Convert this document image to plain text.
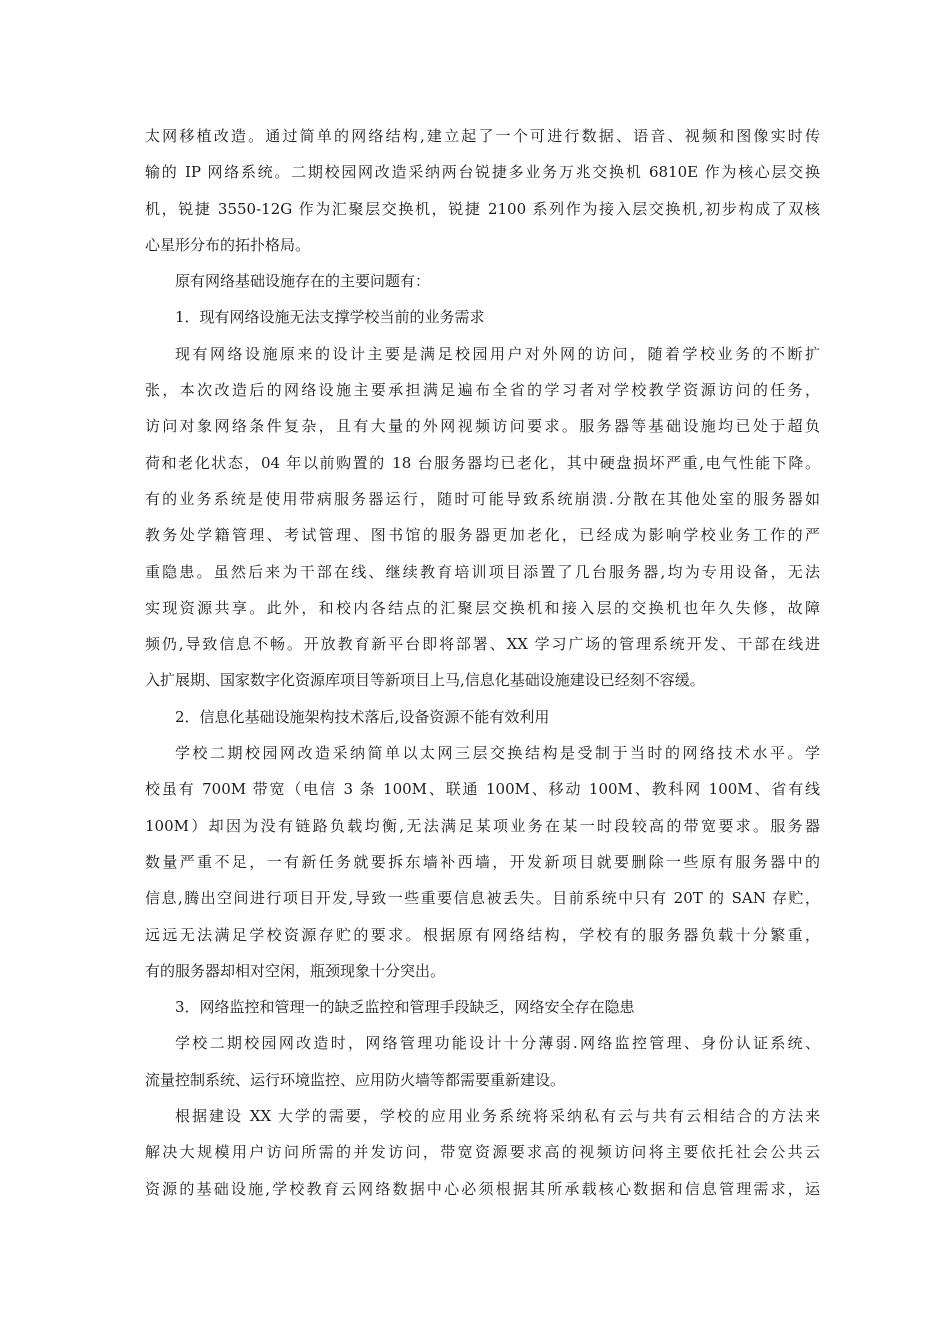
太网移植改造。通过简单的网络结构,建立起了一个可进行数据、语音、视频和图像实时传
输的 IP 网络系统。二期校园网改造采纳两台锐捷多业务万兆交换机 6810E 作为核心层交换
机，锐捷 3550-12G 作为汇聚层交换机，锐捷 2100 系列作为接入层交换机,初步构成了双核
心星形分布的拓扑格局。
原有网络基础设施存在的主要问题有：
1．现有网络设施无法支撑学校当前的业务需求
现有网络设施原来的设计主要是满足校园用户对外网的访问，随着学校业务的不断扩
张，本次改造后的网络设施主要承担满足遍布全省的学习者对学校教学资源访问的任务，
访问对象网络条件复杂，且有大量的外网视频访问要求。服务器等基础设施均已处于超负
荷和老化状态，04 年以前购置的 18 台服务器均已老化，其中硬盘损坏严重,电气性能下降。
有的业务系统是使用带病服务器运行，随时可能导致系统崩溃.分散在其他处室的服务器如
教务处学籍管理、考试管理、图书馆的服务器更加老化，已经成为影响学校业务工作的严
重隐患。虽然后来为干部在线、继续教育培训项目添置了几台服务器,均为专用设备，无法
实现资源共享。此外，和校内各结点的汇聚层交换机和接入层的交换机也年久失修，故障
频仍,导致信息不畅。开放教育新平台即将部署、XX 学习广场的管理系统开发、干部在线进
入扩展期、国家数字化资源库项目等新项目上马,信息化基础设施建设已经刻不容缓。
2．信息化基础设施架构技术落后,设备资源不能有效利用
学校二期校园网改造采纳简单以太网三层交换结构是受制于当时的网络技术水平。学
校虽有 700M 带宽（电信 3 条 100M、联通 100M、移动 100M、教科网 100M、省有线
100M）却因为没有链路负载均衡,无法满足某项业务在某一时段较高的带宽要求。服务器
数量严重不足，一有新任务就要拆东墙补西墙，开发新项目就要删除一些原有服务器中的
信息,腾出空间进行项目开发,导致一些重要信息被丢失。目前系统中只有 20T 的 SAN 存贮，
远远无法满足学校资源存贮的要求。根据原有网络结构，学校有的服务器负载十分繁重，
有的服务器却相对空闲，瓶颈现象十分突出。
3．网络监控和管理一的缺乏监控和管理手段缺乏，网络安全存在隐患
学校二期校园网改造时，网络管理功能设计十分薄弱.网络监控管理、身份认证系统、
流量控制系统、运行环境监控、应用防火墙等都需要重新建设。
根据建设 XX 大学的需要，学校的应用业务系统将采纳私有云与共有云相结合的方法来
解决大规模用户访问所需的并发访问，带宽资源要求高的视频访问将主要依托社会公共云
资源的基础设施,学校教育云网络数据中心必须根据其所承载核心数据和信息管理需求，运
